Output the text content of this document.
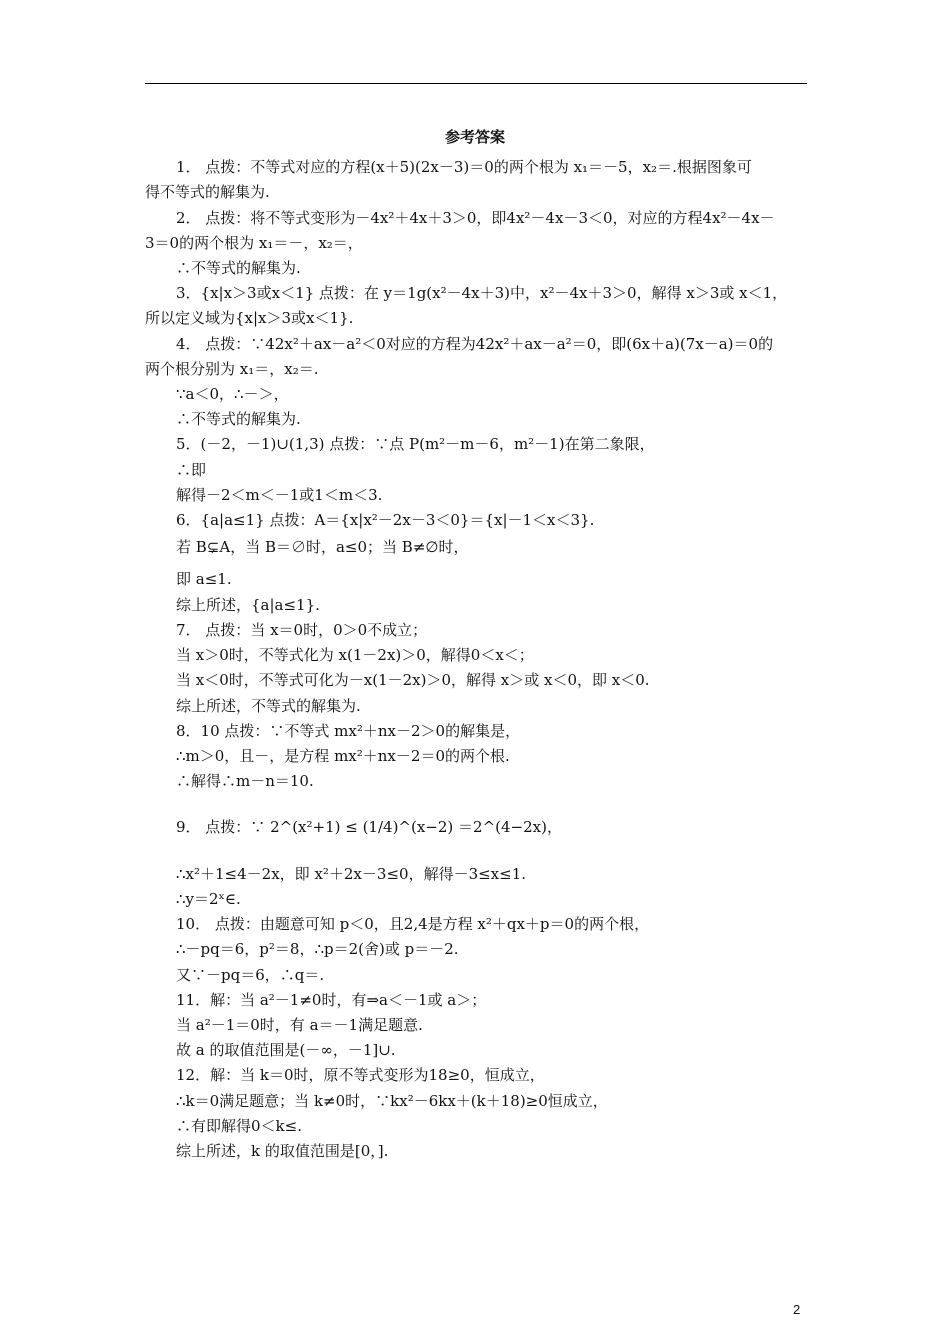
参考答案
1． 点拨：不等式对应的方程(x＋5)(2x－3)＝0的两个根为 x₁＝－5，x₂＝.根据图象可
得不等式的解集为.
2． 点拨：将不等式变形为－4x²＋4x＋3＞0，即4x²－4x－3＜0，对应的方程4x²－4x－
3＝0的两个根为 x₁＝－，x₂＝，
∴不等式的解集为.
3．{x|x＞3或x＜1} 点拨：在 y＝1g(x²－4x＋3)中，x²－4x＋3＞0，解得 x＞3或 x＜1，
所以定义域为{x|x＞3或x＜1}.
4． 点拨：∵42x²＋ax－a²＜0对应的方程为42x²＋ax－a²＝0，即(6x＋a)(7x－a)＝0的
两个根分别为 x₁＝，x₂＝.
∵a＜0，∴－＞，
∴不等式的解集为.
5．(－2，－1)∪(1,3) 点拨：∵点 P(m²－m－6，m²－1)在第二象限，
∴即
解得－2＜m＜－1或1＜m＜3.
6．{a|a≤1} 点拨：A＝{x|x²－2x－3＜0}＝{x|－1＜x＜3}.
若 B⊊A，当 B＝∅时，a≤0；当 B≠∅时，
即 a≤1.
综上所述，{a|a≤1}.
7． 点拨：当 x＝0时，0＞0不成立；
当 x＞0时，不等式化为 x(1－2x)＞0，解得0＜x＜；
当 x＜0时，不等式可化为－x(1－2x)＞0，解得 x＞或 x＜0，即 x＜0.
综上所述，不等式的解集为.
8．10 点拨：∵不等式 mx²＋nx－2＞0的解集是，
∴m＞0，且－，是方程 mx²＋nx－2＝0的两个根.
∴解得∴m－n＝10.
9． 点拨：∵ 2^(x²+1) ≤ (1/4)^(x−2) ＝2^(4−2x)，
∴x²＋1≤4－2x，即 x²＋2x－3≤0，解得－3≤x≤1.
∴y＝2ˣ∈.
10． 点拨：由题意可知 p＜0，且2,4是方程 x²＋qx＋p＝0的两个根，
∴－pq＝6，p²＝8，∴p＝2(舍)或 p＝－2.
又∵－pq＝6，∴q＝.
11．解：当 a²－1≠0时，有⇒a＜－1或 a＞；
当 a²－1＝0时，有 a＝－1满足题意.
故 a 的取值范围是(－∞，－1]∪.
12．解：当 k＝0时，原不等式变形为18≥0，恒成立，
∴k＝0满足题意；当 k≠0时，∵kx²－6kx＋(k＋18)≥0恒成立，
∴有即解得0＜k≤.
综上所述，k 的取值范围是[0，].
2
